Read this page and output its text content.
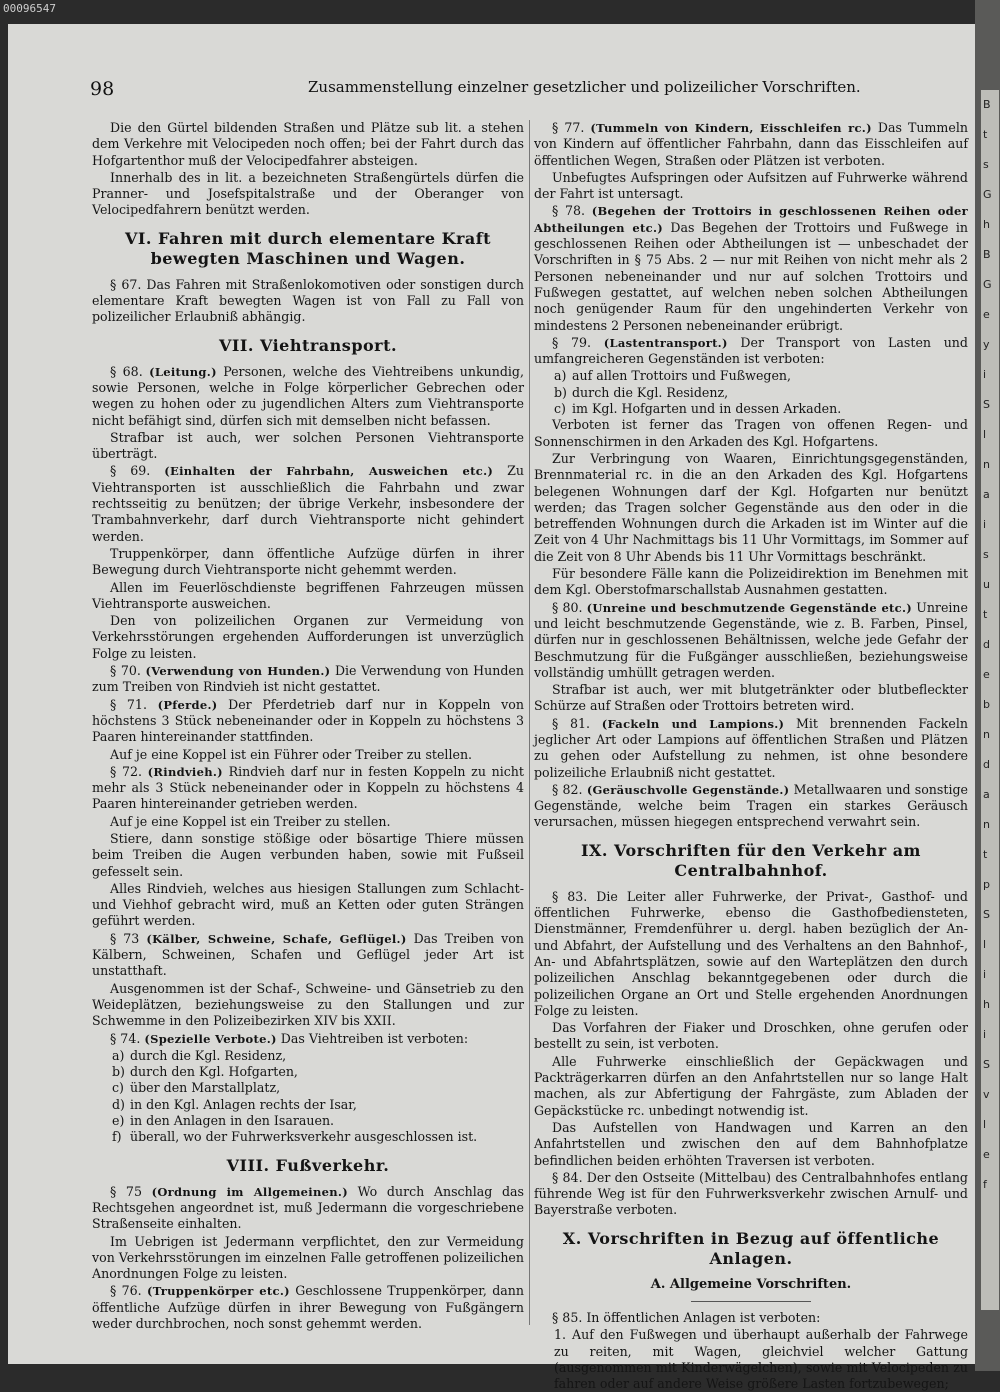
98	Zusammenstellung einzelner gesetzlicher und polizeilicher Vorschriften.

Die den Gürtel bildenden Straßen und Plätze sub lit. a stehen dem Verkehre mit Velocipeden noch offen; bei der Fahrt durch das Hofgartenthor muß der Velocipedfahrer absteigen.

Innerhalb des in lit. a bezeichneten Straßengürtels dürfen die Pranner- und Josefspitalstraße und der Oberanger von Velocipedfahrern benützt werden.

VI. Fahren mit durch elementare Kraft bewegten Maschinen und Wagen.

§ 67. Das Fahren mit Straßenlokomotiven oder sonstigen durch elementare Kraft bewegten Wagen ist von Fall zu Fall von polizeilicher Erlaubniß abhängig.

VII. Viehtransport.

§ 68. (Leitung.) Personen, welche des Viehtreibens unkundig, sowie Personen, welche in Folge körperlicher Gebrechen oder wegen zu hohen oder zu jugendlichen Alters zum Viehtransporte nicht befähigt sind, dürfen sich mit demselben nicht befassen.

Strafbar ist auch, wer solchen Personen Viehtransporte überträgt.

§ 69. (Einhalten der Fahrbahn, Ausweichen etc.) Zu Viehtransporten ist ausschließlich die Fahrbahn und zwar rechtsseitig zu benützen; der übrige Verkehr, insbesondere der Trambahnverkehr, darf durch Viehtransporte nicht gehindert werden.

Truppenkörper, dann öffentliche Aufzüge dürfen in ihrer Bewegung durch Viehtransporte nicht gehemmt werden.

Allen im Feuerlöschdienste begriffenen Fahrzeugen müssen Viehtransporte ausweichen.

Den von polizeilichen Organen zur Vermeidung von Verkehrsstörungen ergehenden Aufforderungen ist unverzüglich Folge zu leisten.

§ 70. (Verwendung von Hunden.) Die Verwendung von Hunden zum Treiben von Rindvieh ist nicht gestattet.

§ 71. (Pferde.) Der Pferdetrieb darf nur in Koppeln von höchstens 3 Stück nebeneinander oder in Koppeln zu höchstens 3 Paaren hintereinander stattfinden.

Auf je eine Koppel ist ein Führer oder Treiber zu stellen.

§ 72. (Rindvieh.) Rindvieh darf nur in festen Koppeln zu nicht mehr als 3 Stück nebeneinander oder in Koppeln zu höchstens 4 Paaren hintereinander getrieben werden.

Auf je eine Koppel ist ein Treiber zu stellen.

Stiere, dann sonstige stößige oder bösartige Thiere müssen beim Treiben die Augen verbunden haben, sowie mit Fußseil gefesselt sein.

Alles Rindvieh, welches aus hiesigen Stallungen zum Schlacht- und Viehhof gebracht wird, muß an Ketten oder guten Strängen geführt werden.

§ 73 (Kälber, Schweine, Schafe, Geflügel.) Das Treiben von Kälbern, Schweinen, Schafen und Geflügel jeder Art ist unstatthaft.

Ausgenommen ist der Schaf-, Schweine- und Gänsetrieb zu den Weideplätzen, beziehungsweise zu den Stallungen und zur Schwemme in den Polizeibezirken XIV bis XXII.

§ 74. (Spezielle Verbote.) Das Viehtreiben ist verboten:

a) durch die Kgl. Residenz,
b) durch den Kgl. Hofgarten,
c) über den Marstallplatz,
d) in den Kgl. Anlagen rechts der Isar,
e) in den Anlagen in den Isarauen.
f) überall, wo der Fuhrwerksverkehr ausgeschlossen ist.
VIII. Fußverkehr.

§ 75 (Ordnung im Allgemeinen.) Wo durch Anschlag das Rechtsgehen angeordnet ist, muß Jedermann die vorgeschriebene Straßenseite einhalten.

Im Uebrigen ist Jedermann verpflichtet, den zur Vermeidung von Verkehrsstörungen im einzelnen Falle getroffenen polizeilichen Anordnungen Folge zu leisten.

§ 76. (Truppenkörper etc.) Geschlossene Truppenkörper, dann öffentliche Aufzüge dürfen in ihrer Bewegung von Fußgängern weder durchbrochen, noch sonst gehemmt werden.

§ 77. (Tummeln von Kindern, Eisschleifen rc.) Das Tummeln von Kindern auf öffentlicher Fahrbahn, dann das Eisschleifen auf öffentlichen Wegen, Straßen oder Plätzen ist verboten.

Unbefugtes Aufspringen oder Aufsitzen auf Fuhrwerke während der Fahrt ist untersagt.

§ 78. (Begehen der Trottoirs in geschlossenen Reihen oder Abtheilungen etc.) Das Begehen der Trottoirs und Fußwege in geschlossenen Reihen oder Abtheilungen ist — unbeschadet der Vorschriften in § 75 Abs. 2 — nur mit Reihen von nicht mehr als 2 Personen nebeneinander und nur auf solchen Trottoirs und Fußwegen gestattet, auf welchen neben solchen Abtheilungen noch genügender Raum für den ungehinderten Verkehr von mindestens 2 Personen nebeneinander erübrigt.

§ 79. (Lastentransport.) Der Transport von Lasten und umfangreicheren Gegenständen ist verboten:

a) auf allen Trottoirs und Fußwegen,
b) durch die Kgl. Residenz,
c) im Kgl. Hofgarten und in dessen Arkaden.

Verboten ist ferner das Tragen von offenen Regen- und Sonnenschirmen in den Arkaden des Kgl. Hofgartens.

Zur Verbringung von Waaren, Einrichtungsgegenständen, Brennmaterial rc. in die an den Arkaden des Kgl. Hofgartens belegenen Wohnungen darf der Kgl. Hofgarten nur benützt werden; das Tragen solcher Gegenstände aus den oder in die betreffenden Wohnungen durch die Arkaden ist im Winter auf die Zeit von 4 Uhr Nachmittags bis 11 Uhr Vormittags, im Sommer auf die Zeit von 8 Uhr Abends bis 11 Uhr Vormittags beschränkt.

Für besondere Fälle kann die Polizeidirektion im Benehmen mit dem Kgl. Oberstofmarschallstab Ausnahmen gestatten.

§ 80. (Unreine und beschmutzende Gegenstände etc.) Unreine und leicht beschmutzende Gegenstände, wie z. B. Farben, Pinsel, dürfen nur in geschlossenen Behältnissen, welche jede Gefahr der Beschmutzung für die Fußgänger ausschließen, beziehungsweise vollständig umhüllt getragen werden.

Strafbar ist auch, wer mit blutgetränkter oder blutbefleckter Schürze auf Straßen oder Trottoirs betreten wird.

§ 81. (Fackeln und Lampions.) Mit brennenden Fackeln jeglicher Art oder Lampions auf öffentlichen Straßen und Plätzen zu gehen oder Aufstellung zu nehmen, ist ohne besondere polizeiliche Erlaubniß nicht gestattet.

§ 82. (Geräuschvolle Gegenstände.) Metallwaaren und sonstige Gegenstände, welche beim Tragen ein starkes Geräusch verursachen, müssen hiegegen entsprechend verwahrt sein.

IX. Vorschriften für den Verkehr am Centralbahnhof.

§ 83. Die Leiter aller Fuhrwerke, der Privat-, Gasthof- und öffentlichen Fuhrwerke, ebenso die Gasthofbediensteten, Dienstmänner, Fremdenführer u. dergl. haben bezüglich der An- und Abfahrt, der Aufstellung und des Verhaltens an den Bahnhof-, An- und Abfahrtsplätzen, sowie auf den Warteplätzen den durch polizeilichen Anschlag bekanntgegebenen oder durch die polizeilichen Organe an Ort und Stelle ergehenden Anordnungen Folge zu leisten.

Das Vorfahren der Fiaker und Droschken, ohne gerufen oder bestellt zu sein, ist verboten.

Alle Fuhrwerke einschließlich der Gepäckwagen und Packträgerkarren dürfen an den Anfahrtstellen nur so lange Halt machen, als zur Abfertigung der Fahrgäste, zum Abladen der Gepäckstücke rc. unbedingt notwendig ist.

Das Aufstellen von Handwagen und Karren an den Anfahrtstellen und zwischen den auf dem Bahnhofplatze befindlichen beiden erhöhten Traversen ist verboten.

§ 84. Der den Ostseite (Mittelbau) des Centralbahnhofes entlang führende Weg ist für den Fuhrwerksverkehr zwischen Arnulf- und Bayerstraße verboten.

X. Vorschriften in Bezug auf öffentliche Anlagen.
A. Allgemeine Vorschriften.

§ 85. In öffentlichen Anlagen ist verboten:

1. Auf den Fußwegen und überhaupt außerhalb der Fahrwege zu reiten, mit Wagen, gleichviel welcher Gattung (ausgenommen mit Kinderwägelchen), sowie mit Velocipeden zu fahren oder auf andere Weise größere Lasten fortzubewegen;
B
t
s
G
h
B
G
e
y
i
S
l
n
a
i
s
u
t
d
e
b
n
d
a
n
t
p
S
l
i
h
i
S
v
l
e
f
00096547
